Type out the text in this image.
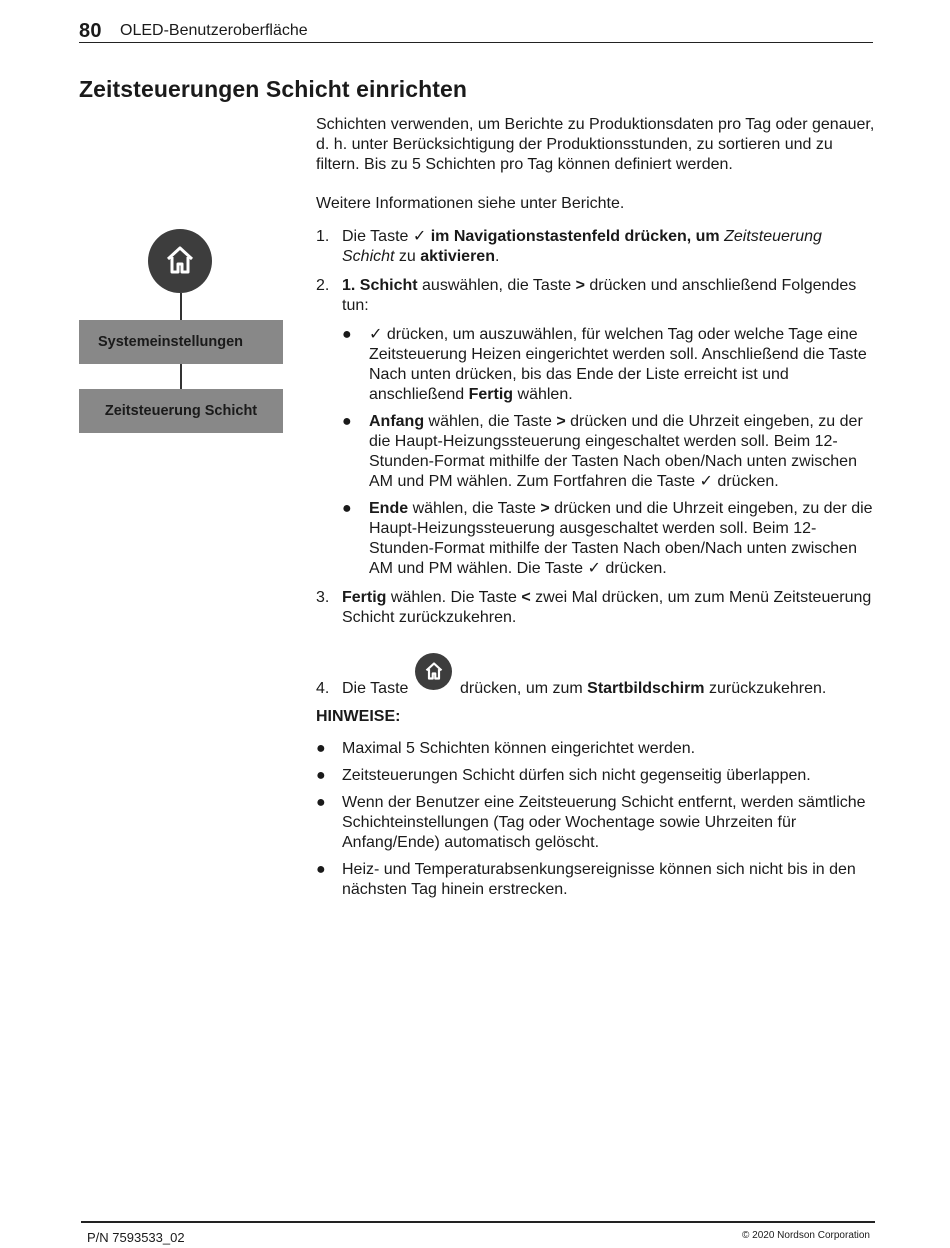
80 OLED-Benutzeroberfläche
Zeitsteuerungen Schicht einrichten
Systemeinstellungen
Zeitsteuerung Schicht

Schichten verwenden, um Berichte zu Produktionsdaten pro Tag oder genauer, d. h. unter Berücksichtigung der Produktionsstunden, zu sortieren und zu filtern. Bis zu 5 Schichten pro Tag können definiert werden.

Weitere Informationen siehe unter Berichte.

1. Die Taste ✓ im Navigationstastenfeld drücken, um Zeitsteuerung Schicht zu aktivieren.
2. 1. Schicht auswählen, die Taste > drücken und anschließend Folgendes tun:
● ✓ drücken, um auszuwählen, für welchen Tag oder welche Tage eine Zeitsteuerung Heizen eingerichtet werden soll. Anschließend die Taste Nach unten drücken, bis das Ende der Liste erreicht ist und anschließend Fertig wählen.
● Anfang wählen, die Taste > drücken und die Uhrzeit eingeben, zu der die Haupt-Heizungssteuerung eingeschaltet werden soll. Beim 12-Stunden-Format mithilfe der Tasten Nach oben/Nach unten zwischen AM und PM wählen. Zum Fortfahren die Taste ✓ drücken.
● Ende wählen, die Taste > drücken und die Uhrzeit eingeben, zu der die Haupt-Heizungssteuerung ausgeschaltet werden soll. Beim 12-Stunden-Format mithilfe der Tasten Nach oben/Nach unten zwischen AM und PM wählen. Die Taste ✓ drücken.
3. Fertig wählen. Die Taste < zwei Mal drücken, um zum Menü Zeitsteuerung Schicht zurückzukehren.
4. Die Taste	drücken, um zum Startbildschirm zurückzukehren.

HINWEISE:

● Maximal 5 Schichten können eingerichtet werden.
● Zeitsteuerungen Schicht dürfen sich nicht gegenseitig überlappen.
● Wenn der Benutzer eine Zeitsteuerung Schicht entfernt, werden sämtliche Schichteinstellungen (Tag oder Wochentage sowie Uhrzeiten für Anfang/Ende) automatisch gelöscht.
● Heiz- und Temperaturabsenkungsereignisse können sich nicht bis in den nächsten Tag hinein erstrecken.
P/N 7593533_02	© 2020 Nordson Corporation
